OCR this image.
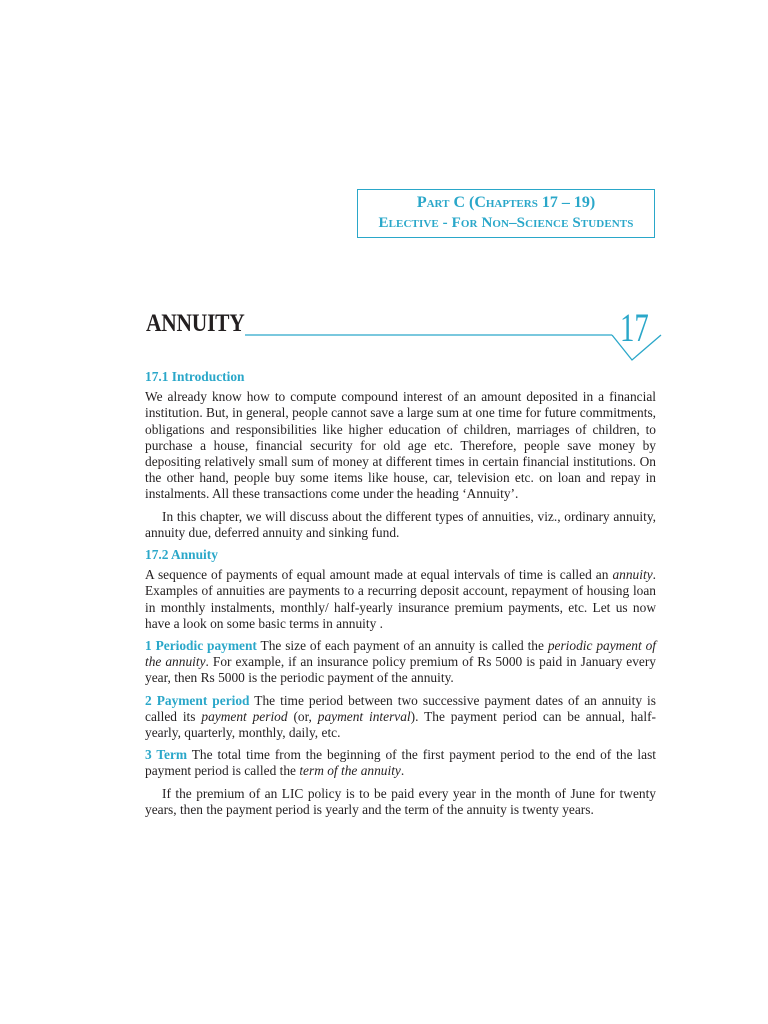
Part C (Chapters 17 – 19)
Elective - For Non–Science Students
ANNUITY	17
17.1 Introduction

We already know how to compute compound interest of an amount deposited in a financial institution. But, in general, people cannot save a large sum at one time for future commitments, obligations and responsibilities like higher education of children, marriages of children, to purchase a house, financial security for old age etc. Therefore, people save money by depositing relatively small sum of money at different times in certain financial institutions. On the other hand, people buy some items like house, car, television etc. on loan and repay in instalments. All these transactions come under the heading ‘Annuity’.

In this chapter, we will discuss about the different types of annuities, viz., ordinary annuity, annuity due, deferred annuity and sinking fund.

17.2 Annuity

A sequence of payments of equal amount made at equal intervals of time is called an annuity. Examples of annuities are payments to a recurring deposit account, repayment of housing loan in monthly instalments, monthly/ half-yearly insurance premium payments, etc. Let us now have a look on some basic terms in annuity .

1 Periodic payment The size of each payment of an annuity is called the periodic payment of the annuity. For example, if an insurance policy premium of Rs 5000 is paid in January every year, then Rs 5000 is the periodic payment of the annuity.

2 Payment period The time period between two successive payment dates of an annuity is called its payment period (or, payment interval). The payment period can be annual, half-yearly, quarterly, monthly, daily, etc.

3 Term The total time from the beginning of the first payment period to the end of the last payment period is called the term of the annuity.

If the premium of an LIC policy is to be paid every year in the month of June for twenty years, then the payment period is yearly and the term of the annuity is twenty years.
